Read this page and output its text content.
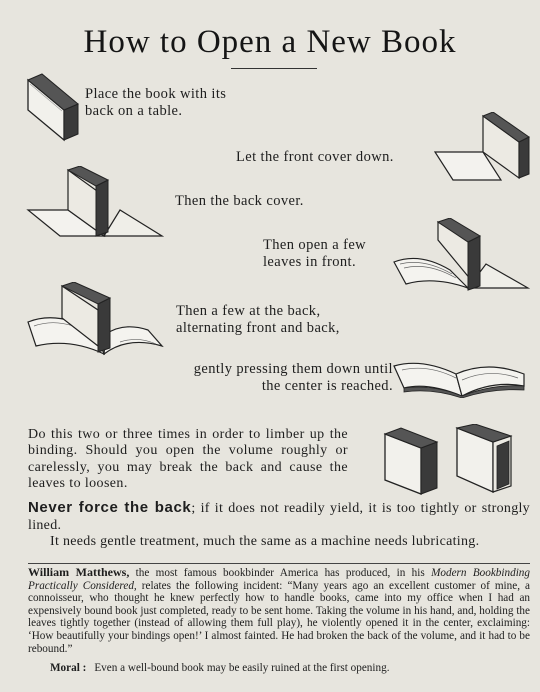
How to Open a New Book
Place the book with its back on a table.
Let the front cover down.
Then the back cover.
Then open a few leaves in front.
Then a few at the back, alternating front and back,
gently pressing them down until the center is reached.
Do this two or three times in order to limber up the binding. Should you open the volume roughly or carelessly, you may break the back and cause the leaves to loosen.
Never force the back; if it does not readily yield, it is too tightly or strongly lined.
It needs gentle treatment, much the same as a machine needs lubricating.
William Matthews, the most famous bookbinder America has produced, in his Modern Bookbinding Practically Considered, relates the following incident: “Many years ago an excellent customer of mine, a connoisseur, who thought he knew perfectly how to handle books, came into my office when I had an expensively bound book just completed, ready to be sent home. Taking the volume in his hand, and, holding the leaves tightly together (instead of allowing them full play), he violently opened it in the center, exclaiming: ‘How beautifully your bindings open!’ I almost fainted. He had broken the back of the volume, and it had to be rebound.”
Moral : Even a well-bound book may be easily ruined at the first opening.
